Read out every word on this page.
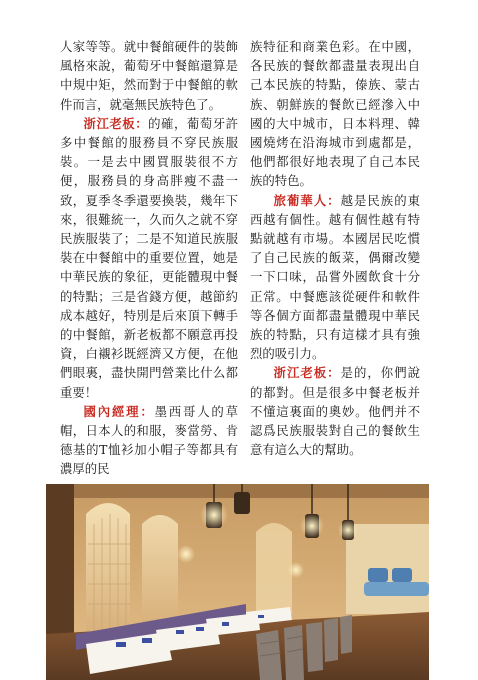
人家等等。就中餐館硬件的裝飾風格來說，葡萄牙中餐館還算是中規中矩，然而對于中餐館的軟件而言，就毫無民族特色了。

浙江老板：的確，葡萄牙許多中餐館的服務員不穿民族服裝。一是去中國買服裝很不方便，服務員的身高胖瘦不盡一致，夏季冬季還要換裝，幾年下來，很難統一，久而久之就不穿民族服裝了；二是不知道民族服裝在中餐館中的重要位置，她是中華民族的象征，更能體現中餐的特點；三是省錢方便，越節約成本越好，特別是后來頂下轉手的中餐館，新老板都不願意再投資，白襯衫既經濟又方便，在他們眼裏，盡快開門營業比什么都重要！

國內經理：墨西哥人的草帽，日本人的和服，麥當勞、肯德基的T恤衫加小帽子等都具有濃厚的民

族特征和商業色彩。在中國，各民族的餐飲都盡量表現出自己本民族的特點，傣族、蒙古族、朝鮮族的餐飲已經滲入中國的大中城市，日本料理、韓國燒烤在沿海城市到處都是，他們都很好地表現了自己本民族的特色。

旅葡華人：越是民族的東西越有個性。越有個性越有特點就越有市場。本國居民吃慣了自己民族的飯菜，偶爾改變一下口味，品嘗外國飲食十分正常。中餐應該從硬件和軟件等各個方面都盡量體現中華民族的特點，只有這樣才具有強烈的吸引力。

浙江老板：是的，你們說的都對。但是很多中餐老板并不懂這裏面的奧妙。他們并不認爲民族服裝對自己的餐飲生意有這么大的幫助。
